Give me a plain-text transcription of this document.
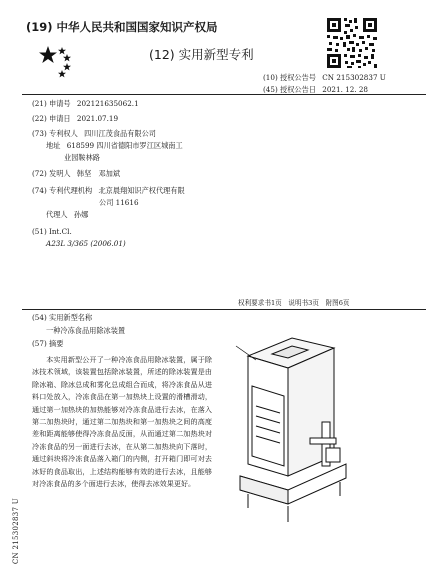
(19) 中华人民共和国国家知识产权局
(12) 实用新型专利
(10) 授权公告号 CN 215302837 U
(45) 授权公告日 2021. 12. 28
(21) 申请号 202121635062.1
(22) 申请日 2021.07.19
(73) 专利权人 四川江茂食品有限公司
地址 618599 四川省德阳市罗江区城南工
业园鞍林路
(72) 发明人 韩坚　邓加斌
(74) 专利代理机构 北京晨翔知识产权代理有限
公司 11616
代理人 孙娜
(51) Int.Cl.
A23L 3/365 (2006.01)
权利要求书1页　说明书3页　附图6页
(54) 实用新型名称
一种冷冻食品用除冰装置
(57) 摘要

本实用新型公开了一种冷冻食品用除冰装置，属于除冰技术领域，该装置包括除冰装置，所述的除冰装置是由除冰箱、除冰总成和雾化总成组合而成，将冷冻食品从进料口处放入，冷冻食品在第一加热块上设置的滑槽滑动，通过第一加热块的加热能够对冷冻食品进行去冰，在落入第二加热块时，通过第二加热块和第一加热块之间的高度差和距离能够使得冷冻食品反面，从而通过第二加热块对冷冻食品的另一面进行去冰，在从第二加热块向下落时，通过斜块将冷冻食品落入箱门的内侧，打开箱门即可对去冰好的食品取出，上述结构能够有效的进行去冰，且能够对冷冻食品的多个面进行去冰，使得去冰效果更好。

CN 215302837 U
